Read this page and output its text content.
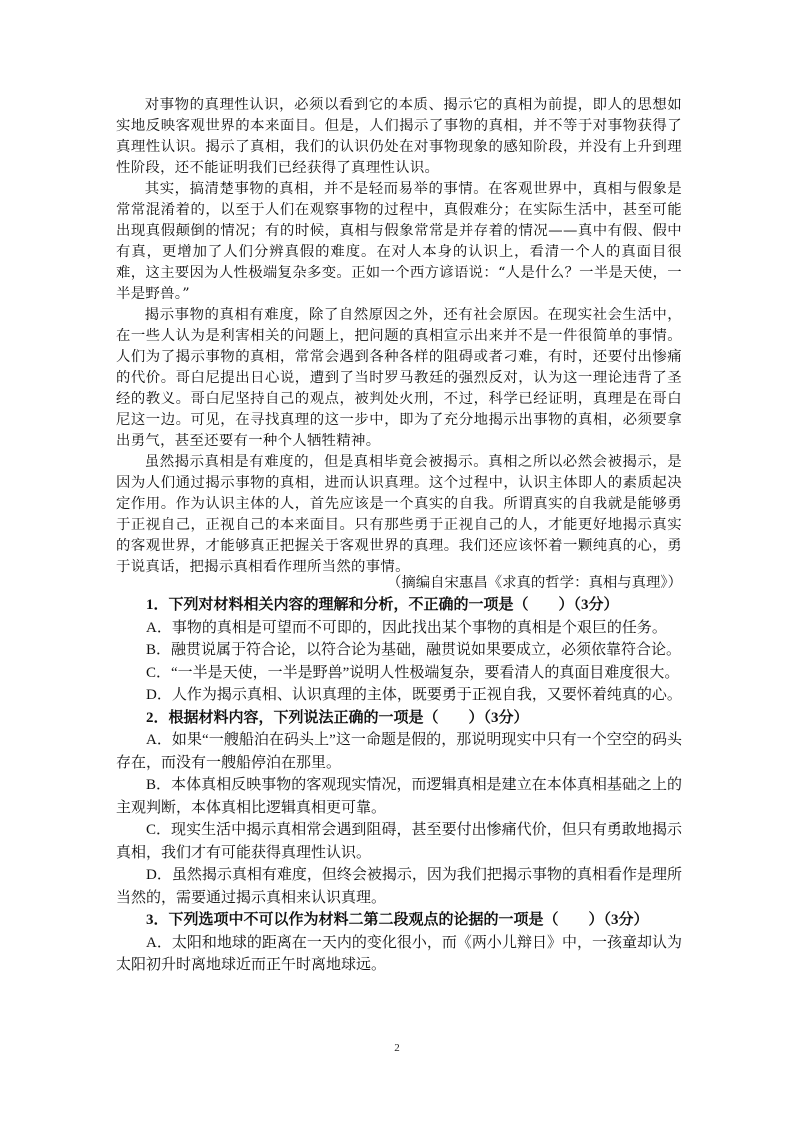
对事物的真理性认识，必须以看到它的本质、揭示它的真相为前提，即人的思想如实地反映客观世界的本来面目。但是，人们揭示了事物的真相，并不等于对事物获得了真理性认识。揭示了真相，我们的认识仍处在对事物现象的感知阶段，并没有上升到理性阶段，还不能证明我们已经获得了真理性认识。

其实，搞清楚事物的真相，并不是轻而易举的事情。在客观世界中，真相与假象是常常混淆着的，以至于人们在观察事物的过程中，真假难分；在实际生活中，甚至可能出现真假颠倒的情况；有的时候，真相与假象常常是并存着的情况——真中有假、假中有真，更增加了人们分辨真假的难度。在对人本身的认识上，看清一个人的真面目很难，这主要因为人性极端复杂多变。正如一个西方谚语说：“人是什么？一半是天使，一半是野兽。”

揭示事物的真相有难度，除了自然原因之外，还有社会原因。在现实社会生活中，在一些人认为是利害相关的问题上，把问题的真相宣示出来并不是一件很简单的事情。人们为了揭示事物的真相，常常会遇到各种各样的阻碍或者刁难，有时，还要付出惨痛的代价。哥白尼提出日心说，遭到了当时罗马教廷的强烈反对，认为这一理论违背了圣经的教义。哥白尼坚持自己的观点，被判处火刑，不过，科学已经证明，真理是在哥白尼这一边。可见，在寻找真理的这一步中，即为了充分地揭示出事物的真相，必须要拿出勇气，甚至还要有一种个人牺牲精神。

虽然揭示真相是有难度的，但是真相毕竟会被揭示。真相之所以必然会被揭示，是因为人们通过揭示事物的真相，进而认识真理。这个过程中，认识主体即人的素质起决定作用。作为认识主体的人，首先应该是一个真实的自我。所谓真实的自我就是能够勇于正视自己，正视自己的本来面目。只有那些勇于正视自己的人，才能更好地揭示真实的客观世界，才能够真正把握关于客观世界的真理。我们还应该怀着一颗纯真的心，勇于说真话，把揭示真相看作理所当然的事情。

（摘编自宋惠昌《求真的哲学：真相与真理》）

1．下列对材料相关内容的理解和分析，不正确的一项是（　　）（3分）

A．事物的真相是可望而不可即的，因此找出某个事物的真相是个艰巨的任务。

B．融贯说属于符合论，以符合论为基础，融贯说如果要成立，必须依靠符合论。

C．“一半是天使，一半是野兽”说明人性极端复杂，要看清人的真面目难度很大。

D．人作为揭示真相、认识真理的主体，既要勇于正视自我，又要怀着纯真的心。

2．根据材料内容，下列说法正确的一项是（　　）（3分）

A．如果“一艘船泊在码头上”这一命题是假的，那说明现实中只有一个空空的码头存在，而没有一艘船停泊在那里。

B．本体真相反映事物的客观现实情况，而逻辑真相是建立在本体真相基础之上的主观判断，本体真相比逻辑真相更可靠。

C．现实生活中揭示真相常会遇到阻碍，甚至要付出惨痛代价，但只有勇敢地揭示真相，我们才有可能获得真理性认识。

D．虽然揭示真相有难度，但终会被揭示，因为我们把揭示事物的真相看作是理所当然的，需要通过揭示真相来认识真理。

3．下列选项中不可以作为材料二第二段观点的论据的一项是（　　）（3分）

A．太阳和地球的距离在一天内的变化很小，而《两小儿辩日》中，一孩童却认为太阳初升时离地球近而正午时离地球远。

2
